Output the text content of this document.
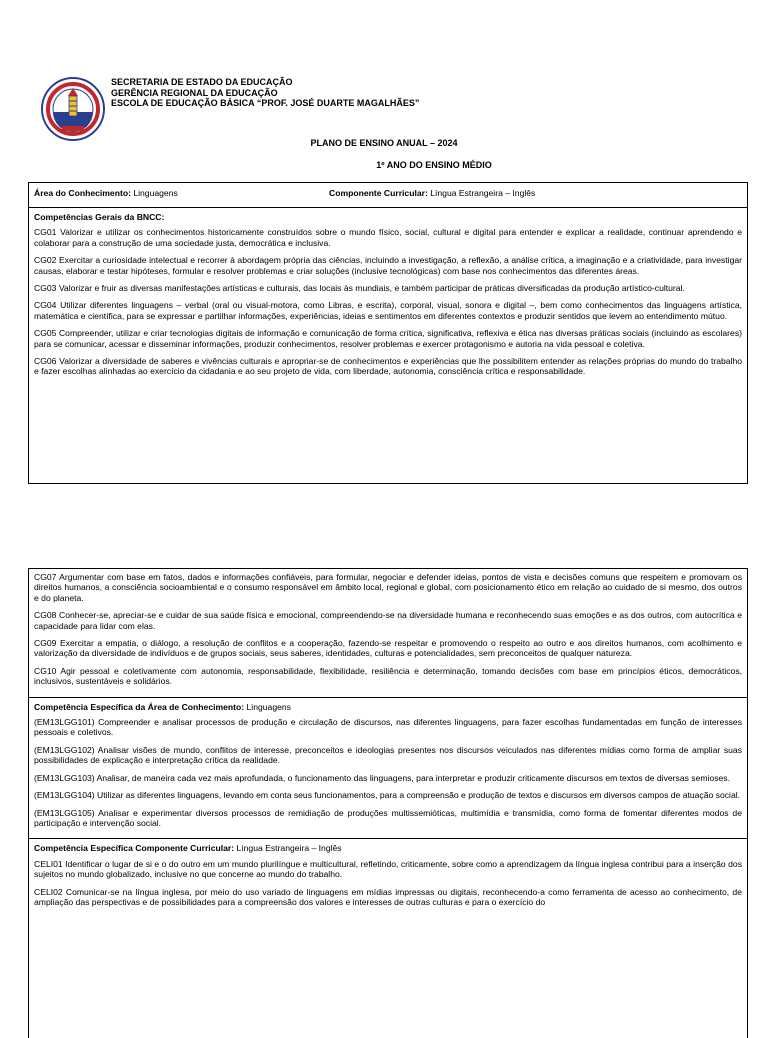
SECRETARIA DE ESTADO DA EDUCAÇÃO
GERÊNCIA REGIONAL DA EDUCAÇÃO
ESCOLA DE EDUCAÇÃO BÁSICA “PROF. JOSÉ DUARTE MAGALHÃES”
PLANO DE ENSINO ANUAL – 2024
1º ANO DO ENSINO MÉDIO
Área do Conhecimento: Linguagens	Componente Curricular: Língua Estrangeira – Inglês

Competências Gerais da BNCC:

CG01 Valorizar e utilizar os conhecimentos historicamente construídos sobre o mundo físico, social, cultural e digital para entender e explicar a realidade, continuar aprendendo e colaborar para a construção de uma sociedade justa, democrática e inclusiva.

CG02 Exercitar a curiosidade intelectual e recorrer à abordagem própria das ciências, incluindo a investigação, a reflexão, a análise crítica, a imaginação e a criatividade, para investigar causas, elaborar e testar hipóteses, formular e resolver problemas e criar soluções (inclusive tecnológicas) com base nos conhecimentos das diferentes áreas.

CG03 Valorizar e fruir as diversas manifestações artísticas e culturais, das locais às mundiais, e também participar de práticas diversificadas da produção artístico-cultural.

CG04 Utilizar diferentes linguagens – verbal (oral ou visual-motora, como Libras, e escrita), corporal, visual, sonora e digital –, bem como conhecimentos das linguagens artística, matemática e científica, para se expressar e partilhar informações, experiências, ideias e sentimentos em diferentes contextos e produzir sentidos que levem ao entendimento mútuo.

CG05 Compreender, utilizar e criar tecnologias digitais de informação e comunicação de forma crítica, significativa, reflexiva e ética nas diversas práticas sociais (incluindo as escolares) para se comunicar, acessar e disseminar informações, produzir conhecimentos, resolver problemas e exercer protagonismo e autoria na vida pessoal e coletiva.

CG06 Valorizar a diversidade de saberes e vivências culturais e apropriar-se de conhecimentos e experiências que lhe possibilitem entender as relações próprias do mundo do trabalho e fazer escolhas alinhadas ao exercício da cidadania e ao seu projeto de vida, com liberdade, autonomia, consciência crítica e responsabilidade.

CG07 Argumentar com base em fatos, dados e informações confiáveis, para formular, negociar e defender ideias, pontos de vista e decisões comuns que respeitem e promovam os direitos humanos, a consciência socioambiental e o consumo responsável em âmbito local, regional e global, com posicionamento ético em relação ao cuidado de si mesmo, dos outros e do planeta.

CG08 Conhecer-se, apreciar-se e cuidar de sua saúde física e emocional, compreendendo-se na diversidade humana e reconhecendo suas emoções e as dos outros, com autocrítica e capacidade para lidar com elas.

CG09 Exercitar a empatia, o diálogo, a resolução de conflitos e a cooperação, fazendo-se respeitar e promovendo o respeito ao outro e aos direitos humanos, com acolhimento e valorização da diversidade de indivíduos e de grupos sociais, seus saberes, identidades, culturas e potencialidades, sem preconceitos de qualquer natureza.

CG10 Agir pessoal e coletivamente com autonomia, responsabilidade, flexibilidade, resiliência e determinação, tomando decisões com base em princípios éticos, democráticos, inclusivos, sustentáveis e solidários.

Competência Específica da Área de Conhecimento: Linguagens

(EM13LGG101) Compreender e analisar processos de produção e circulação de discursos, nas diferentes linguagens, para fazer escolhas fundamentadas em função de interesses pessoais e coletivos.

(EM13LGG102) Analisar visões de mundo, conflitos de interesse, preconceitos e ideologias presentes nos discursos veiculados nas diferentes mídias como forma de ampliar suas possibilidades de explicação e interpretação crítica da realidade.

(EM13LGG103) Analisar, de maneira cada vez mais aprofundada, o funcionamento das linguagens, para interpretar e produzir criticamente discursos em textos de diversas semioses.

(EM13LGG104) Utilizar as diferentes linguagens, levando em conta seus funcionamentos, para a compreensão e produção de textos e discursos em diversos campos de atuação social.

(EM13LGG105) Analisar e experimentar diversos processos de remidiação de produções multissemióticas, multimídia e transmídia, como forma de fomentar diferentes modos de participação e intervenção social.

Competência Específica Componente Curricular: Língua Estrangeira – Inglês

CELI01 Identificar o lugar de si e o do outro em um mundo plurilíngue e multicultural, refletindo, criticamente, sobre como a aprendizagem da língua inglesa contribui para a inserção dos sujeitos no mundo globalizado, inclusive no que concerne ao mundo do trabalho.

CELI02 Comunicar-se na língua inglesa, por meio do uso variado de linguagens em mídias impressas ou digitais, reconhecendo-a como ferramenta de acesso ao conhecimento, de ampliação das perspectivas e de possibilidades para a compreensão dos valores e interesses de outras culturas e para o exercício do
